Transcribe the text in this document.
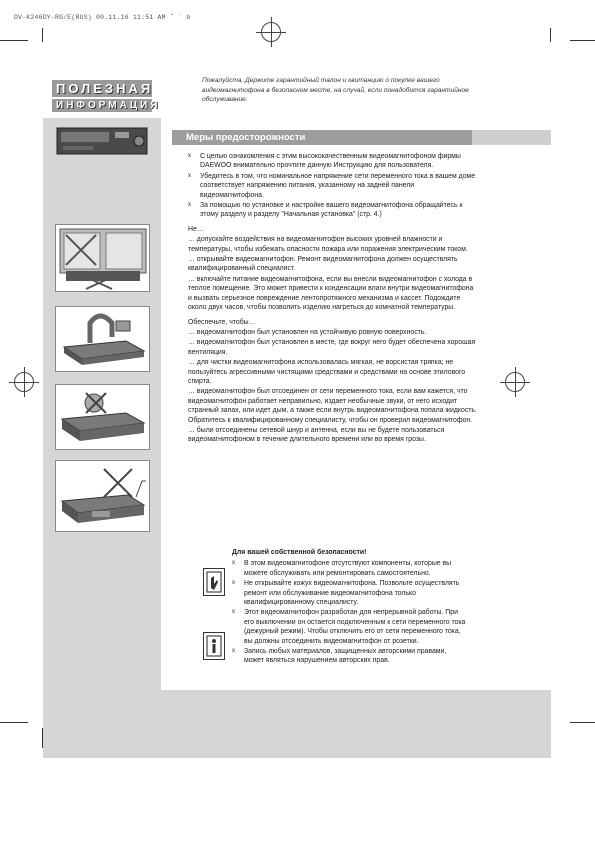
DV-K246DY-RG/E(RUS) 00.11.16 11:51 AM ˜ ` b
ПОЛЕЗНАЯ
ИНФОРМАЦИЯ
Пожалуйста, Держите гарантийный талон и квитанцию о покупке вашего видеомагнитофона в безопасном месте, на случай, если понадобится гарантийное обслуживание.
Меры предосторожности
x С целью ознакомления с этим высококачественным видеомагнитофоном фирмы DAEWOO внимательно прочтите данную Инструкцию для пользователя.
x Убедитесь в том, что номинальное напряжение сети переменного тока в вашем доме соответствует напряжению питания, указанному на задней панели видеомагнитофона.
x За помощью по установке и настройке вашего видеомагнитофона обращайтесь к этому разделу и разделу "Начальная установка" (стр. 4.)
Не…
… допускайте воздействия на видеомагнитофон высоких уровней влажности и температуры, чтобы избежать опасности пожара или поражения электрическим током.
… открывайте видеомагнитофон. Ремонт видеомагнитофона должен осуществлять квалифицированный специалист.
… включайте питание видеомагнитофона, если вы внесли видеомагнитофон с холода в теплое помещение. Это может привести к конденсации влаги внутри видеомагнитофона и вызвать серьезное повреждение лентопротяжного механизма и кассет. Подождите около двух часов, чтобы позволить изделию нагреться до комнатной температуры.
Обеспечьте, чтобы…
… видеомагнитофон был установлен на устойчивую ровную поверхность.
… видеомагнитофон был установлен в месте, где вокруг него будет обеспечена хорошая вентиляция.
… для чистки видеомагнитофона использовалась мягкая, не ворсистая тряпка; не пользуйтесь агрессивными чистящими средствами и средствами на основе этилового спирта.
… видеомагнитофон был отсоединен от сети переменного тока, если вам кажется, что видеомагнитофон работает неправильно, издает необычные звуки, от него исходит странный запах, или идет дым, а также если внутрь видеомагнитофона попала жидкость. Обратитесь к квалифицированному специалисту, чтобы он проверил видеомагнитофон.
… были отсоединены сетевой шнур и антенна, если вы не будете пользоваться видеомагнитофоном в течение длительного времени или во время грозы.
Для вашей собственной безопасности!
x В этом видеомагнитофоне отсутствуют компоненты, которые вы можете обслуживать или ремонтировать самостоятельно.
x Не открывайте кожух видеомагнитофона. Позвольте осуществлять ремонт или обслуживание видеомагнитофона только квалифицированному специалисту.
x Этот видеомагнитофон разработан для непрерывной работы. При его выключении он остается подключенным к сети переменного тока (дежурный режим). Чтобы отключить его от сети переменного тока, вы должны отсоединить видеомагнитофон от розетки.
x Запись любых материалов, защищенных авторскими правами, может являться нарушением авторских прав.
